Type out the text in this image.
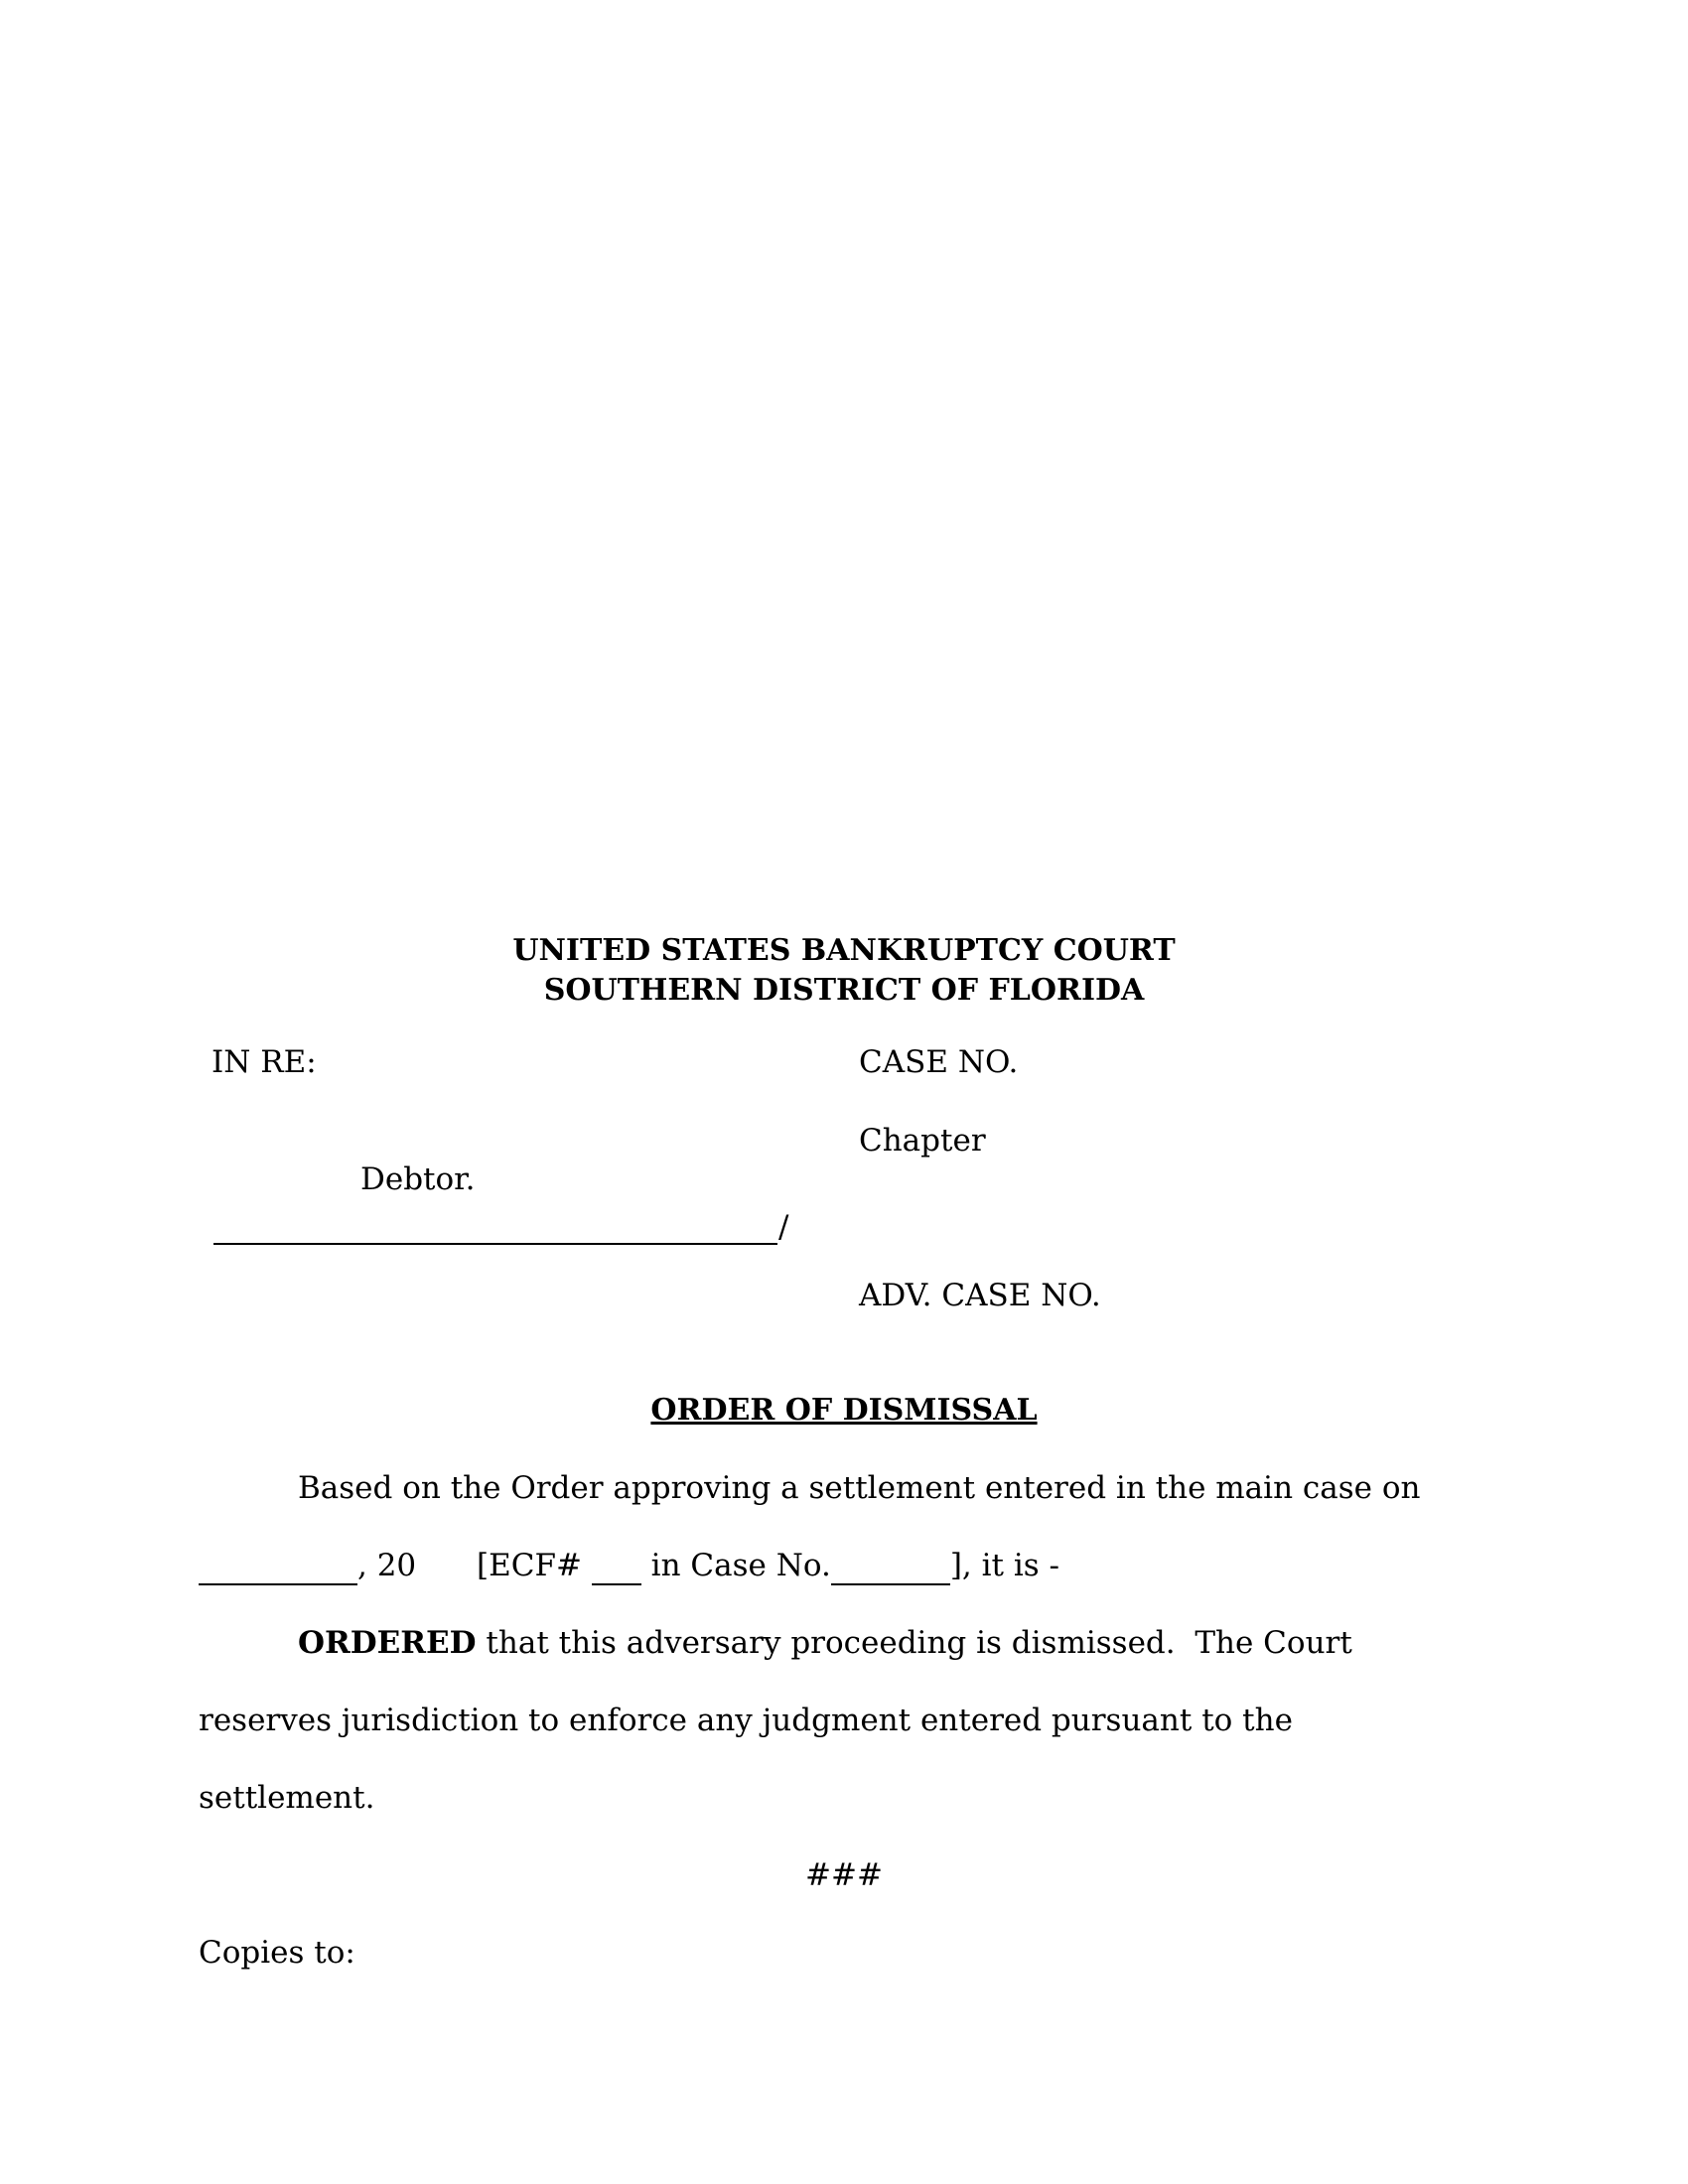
UNITED STATES BANKRUPTCY COURT
SOUTHERN DISTRICT OF FLORIDA
IN RE:	CASE NO.
Chapter
Debtor.
/
ADV. CASE NO.
ORDER OF DISMISSAL
Based on the Order approving a settlement entered in the main case on
, 20 [ECF# in Case No.	], it is -
ORDERED that this adversary proceeding is dismissed.  The Court
reserves jurisdiction to enforce any judgment entered pursuant to the
settlement.
###
Copies to:
